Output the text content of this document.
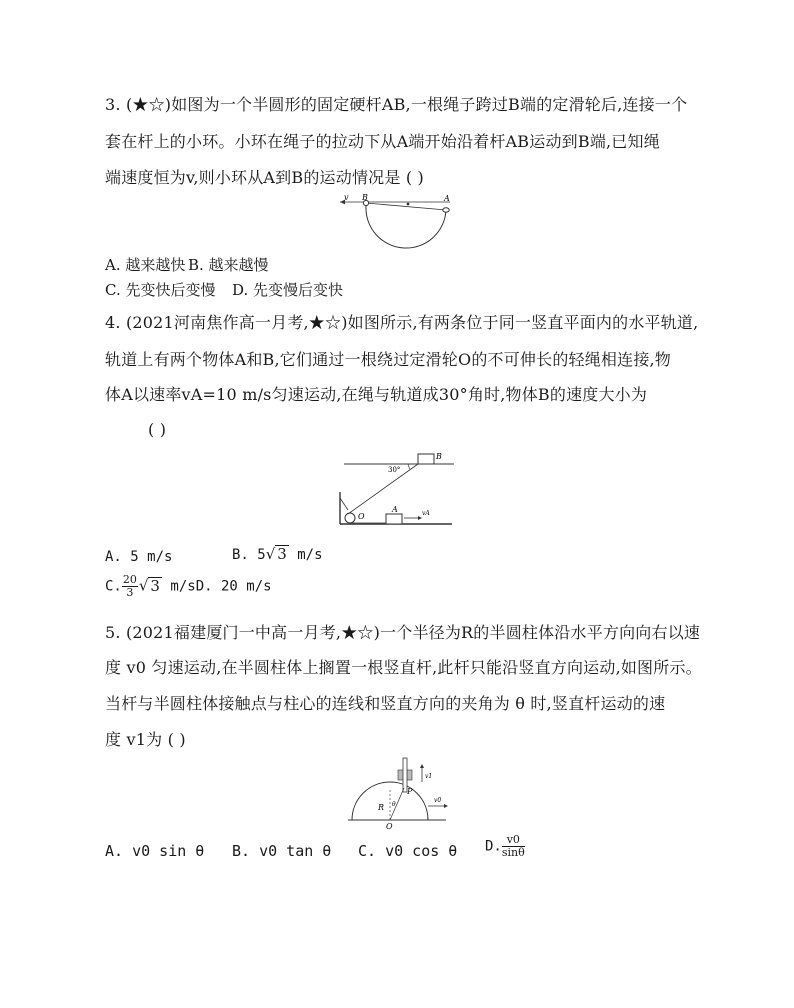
3. (★☆)如图为一个半圆形的固定硬杆AB,一根绳子跨过B端的定滑轮后,连接一个
套在杆上的小环。小环在绳子的拉动下从A端开始沿着杆AB运动到B端,已知绳
端速度恒为v,则小环从A到B的运动情况是 ( )
v B	A
A. 越来越快 B. 越来越慢
C. 先变快后变慢 D. 先变慢后变快
4. (2021河南焦作高一月考,★☆)如图所示,有两条位于同一竖直平面内的水平轨道,
轨道上有两个物体A和B,它们通过一根绕过定滑轮O的不可伸长的轻绳相连接,物
体A以速率vA=10 m/s匀速运动,在绳与轨道成30°角时,物体B的速度大小为
( )
B
30°
O
A	vA
A. 5 m/s	B. 5√ 3 m/s
C. $\frac{20}{3}$ √ 3 m/sD. 20 m/s
5. (2021福建厦门一中高一月考,★☆)一个半径为R的半圆柱体沿水平方向向右以速
度 v0 匀速运动,在半圆柱体上搁置一根竖直杆,此杆只能沿竖直方向运动,如图所示。
当杆与半圆柱体接触点与柱心的连线和竖直方向的夹角为 θ 时,竖直杆运动的速
度 v1为 ( )
v1
P
R θ
v0
O
A. v0 sin θ B. v0 tan θ C. v0 cos θ D. $\frac{v0}{\sin\theta}$
